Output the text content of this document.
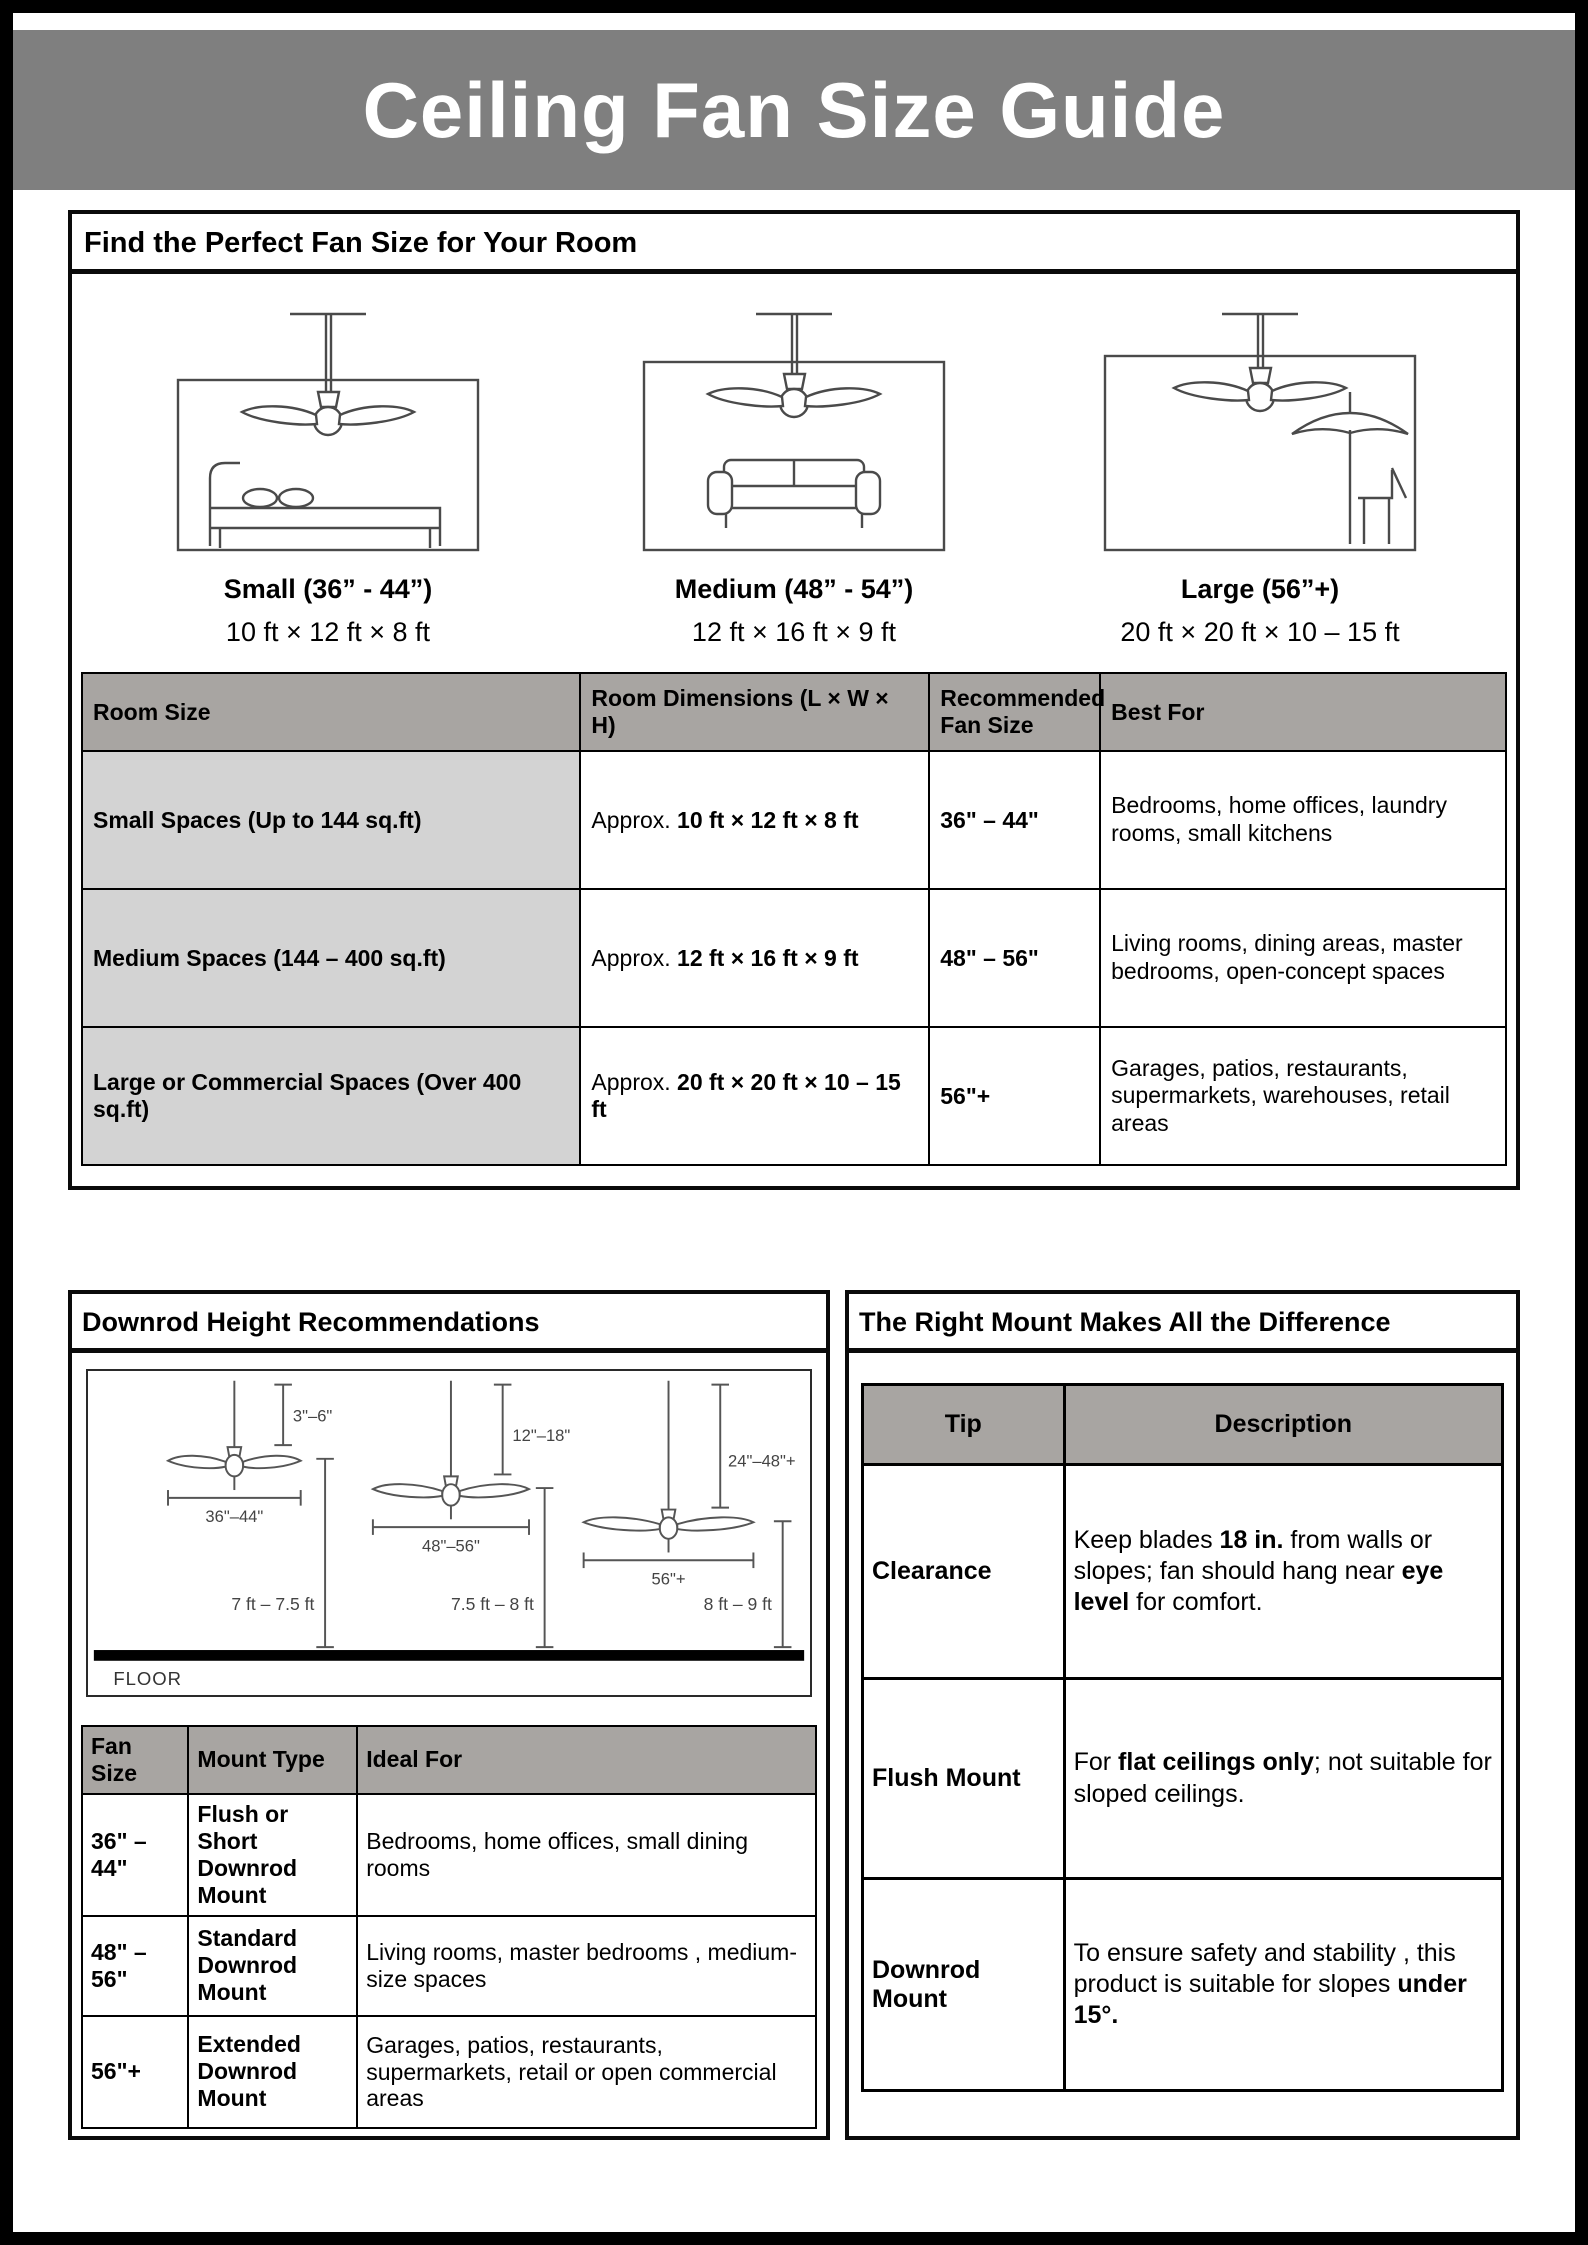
Ceiling Fan Size Guide
Find the Perfect Fan Size for Your Room
Small (36” - 44”)
10 ft × 12 ft × 8 ft
Medium (48” - 54”)
12 ft × 16 ft × 9 ft
Large (56”+)
20 ft × 20 ft × 10 – 15 ft
Room Size	Room Dimensions (L × W × H)	Recommended Fan Size	Best For
Small Spaces (Up to 144 sq.ft)	Approx. 10 ft × 12 ft × 8 ft	36" – 44"	Bedrooms, home offices, laundry rooms, small kitchens
Medium Spaces (144 – 400 sq.ft)	Approx. 12 ft × 16 ft × 9 ft	48" – 56"	Living rooms, dining areas, master bedrooms, open-concept spaces
Large or Commercial Spaces (Over 400 sq.ft)	Approx. 20 ft × 20 ft × 10 – 15 ft	56"+	Garages, patios, restaurants, supermarkets, warehouses, retail areas
Downrod Height Recommendations
3"–6"
12"–18"
24"–48"+
36"–44"
48"–56"
56"+
7 ft – 7.5 ft	7.5 ft – 8 ft	8 ft – 9 ft
FLOOR
Fan Size	Mount Type	Ideal For
36" – 44"	Flush or Short Downrod Mount	Bedrooms, home offices, small dining rooms
48" – 56"	Standard Downrod Mount	Living rooms, master bedrooms , medium-size spaces
56"+	Extended Downrod Mount	Garages, patios, restaurants, supermarkets, retail or open commercial areas
The Right Mount Makes All the Difference
Tip	Description
Clearance	Keep blades 18 in. from walls or slopes; fan should hang near eye level for comfort.
Flush Mount	For flat ceilings only; not suitable for sloped ceilings.
Downrod Mount	To ensure safety and stability , this product is suitable for slopes under 15°.
